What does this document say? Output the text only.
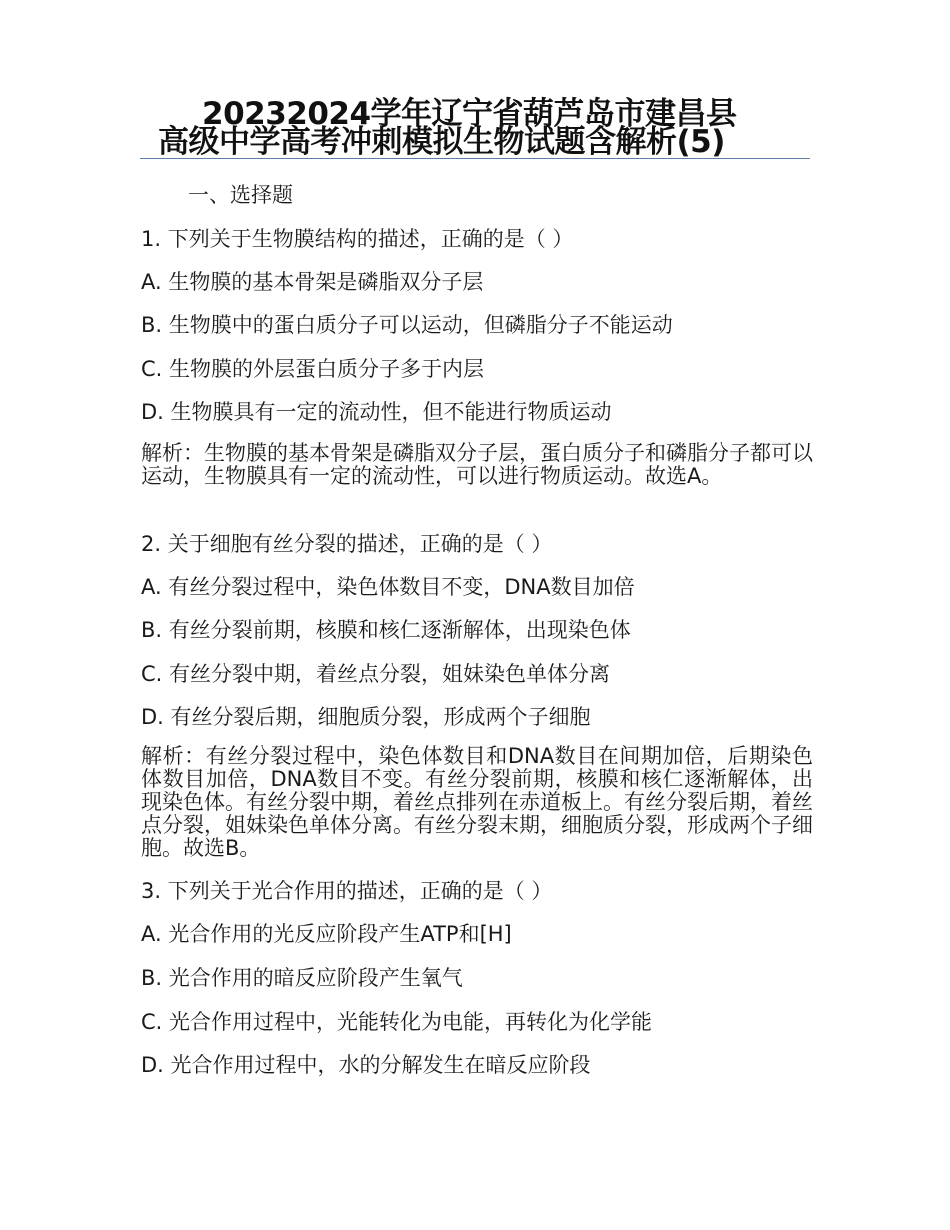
20232024学年辽宁省葫芦岛市建昌县
高级中学高考冲刺模拟生物试题含解析(5)
一、选择题
1. 下列关于生物膜结构的描述，正确的是（ ）
A. 生物膜的基本骨架是磷脂双分子层
B. 生物膜中的蛋白质分子可以运动，但磷脂分子不能运动
C. 生物膜的外层蛋白质分子多于内层
D. 生物膜具有一定的流动性，但不能进行物质运动
解析：生物膜的基本骨架是磷脂双分子层，蛋白质分子和磷脂分子都可以运动，生物膜具有一定的流动性，可以进行物质运动。故选A。
2. 关于细胞有丝分裂的描述，正确的是（ ）
A. 有丝分裂过程中，染色体数目不变，DNA数目加倍
B. 有丝分裂前期，核膜和核仁逐渐解体，出现染色体
C. 有丝分裂中期，着丝点分裂，姐妹染色单体分离
D. 有丝分裂后期，细胞质分裂，形成两个子细胞
解析：有丝分裂过程中，染色体数目和DNA数目在间期加倍，后期染色体数目加倍，DNA数目不变。有丝分裂前期，核膜和核仁逐渐解体，出现染色体。有丝分裂中期，着丝点排列在赤道板上。有丝分裂后期，着丝点分裂，姐妹染色单体分离。有丝分裂末期，细胞质分裂，形成两个子细胞。故选B。
3. 下列关于光合作用的描述，正确的是（ ）
A. 光合作用的光反应阶段产生ATP和[H]
B. 光合作用的暗反应阶段产生氧气
C. 光合作用过程中，光能转化为电能，再转化为化学能
D. 光合作用过程中，水的分解发生在暗反应阶段
